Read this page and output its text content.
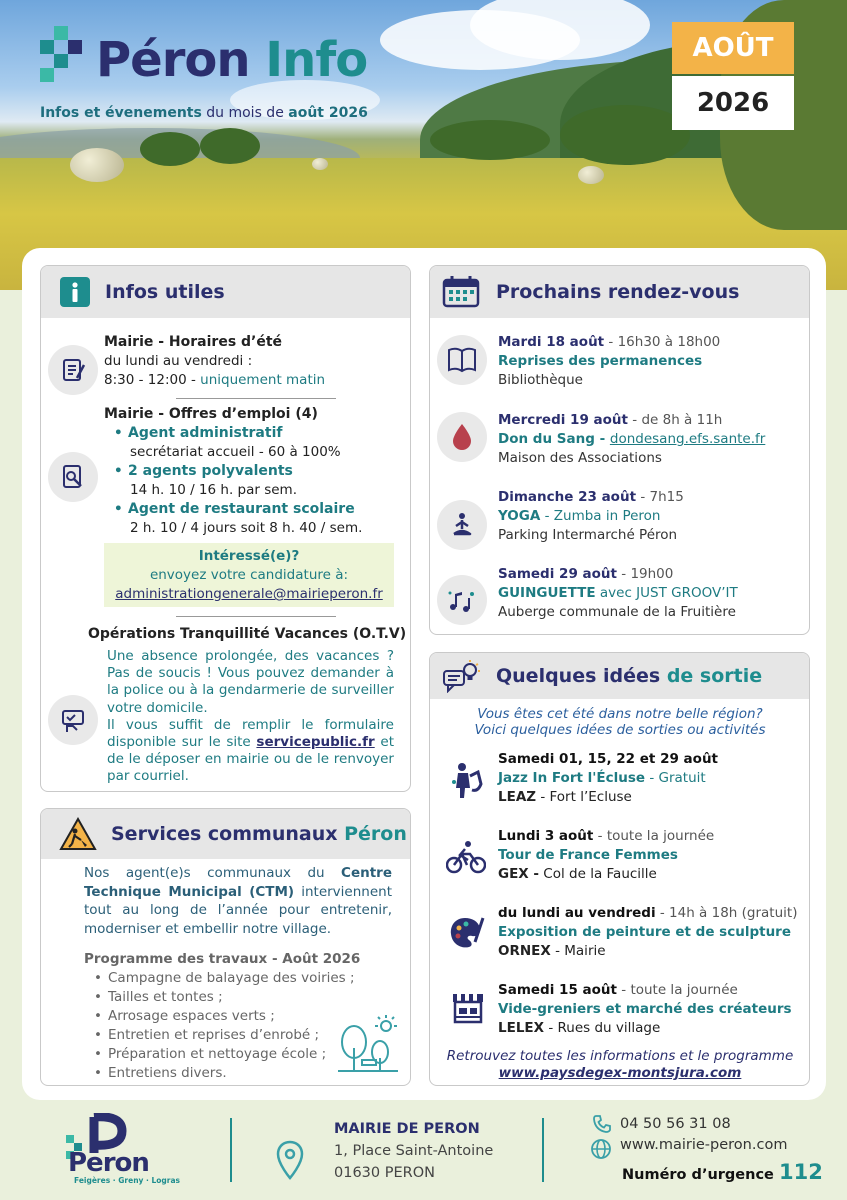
Péron Info
Infos et évenements du mois de août 2026
AOÛT
2026
Infos utiles
Mairie - Horaires d’été
du lundi au vendredi :
8:30 - 12:00 - uniquement matin
Mairie - Offres d’emploi (4)
• Agent administratif
secrétariat accueil - 60 à 100%
• 2 agents polyvalents
14 h. 10 / 16 h. par sem.
• Agent de restaurant scolaire
2 h. 10 / 4 jours soit 8 h. 40 / sem.
Intéressé(e)?
envoyez votre candidature à:
administrationgenerale@mairieperon.fr
Opérations Tranquillité Vacances (O.T.V)
Une absence prolongée, des vacances ? Pas de soucis ! Vous pouvez demander à la police ou à la gendarmerie de surveiller votre domicile.
Il vous suffit de remplir le formulaire disponible sur le site servicepublic.fr et de le déposer en mairie ou de le renvoyer par courriel.
Services communaux Péron
Nos agent(e)s communaux du Centre Technique Municipal (CTM) interviennent tout au long de l’année pour entretenir, moderniser et embellir notre village.
Programme des travaux - Août 2026
• Campagne de balayage des voiries ;
• Tailles et tontes ;
• Arrosage espaces verts ;
• Entretien et reprises d’enrobé ;
• Préparation et nettoyage école ;
• Entretiens divers.
Prochains rendez-vous
Mardi 18 août - 16h30 à 18h00
Reprises des permanences
Bibliothèque
Mercredi 19 août - de 8h à 11h
Don du Sang - dondesang.efs.sante.fr
Maison des Associations
Dimanche 23 août - 7h15
YOGA - Zumba in Peron
Parking Intermarché Péron
Samedi 29 août - 19h00
GUINGUETTE avec JUST GROOV’IT
Auberge communale de la Fruitière
Quelques idées de sortie
Vous êtes cet été dans notre belle région?
Voici quelques idées de sorties ou activités
Samedi 01, 15, 22 et 29 août
Jazz In Fort l'Écluse - Gratuit
LEAZ - Fort l’Ecluse
Lundi 3 août - toute la journée
Tour de France Femmes
GEX - Col de la Faucille
du lundi au vendredi - 14h à 18h (gratuit)
Exposition de peinture et de sculpture
ORNEX - Mairie
Samedi 15 août - toute la journée
Vide-greniers et marché des créateurs
LELEX - Rues du village
Retrouvez toutes les informations et le programme
www.paysdegex-montsjura.com
Peron
Feigères · Greny · Logras
MAIRIE DE PERON
1, Place Saint-Antoine
01630 PERON
04 50 56 31 08
www.mairie-peron.com
Numéro d’urgence 112
